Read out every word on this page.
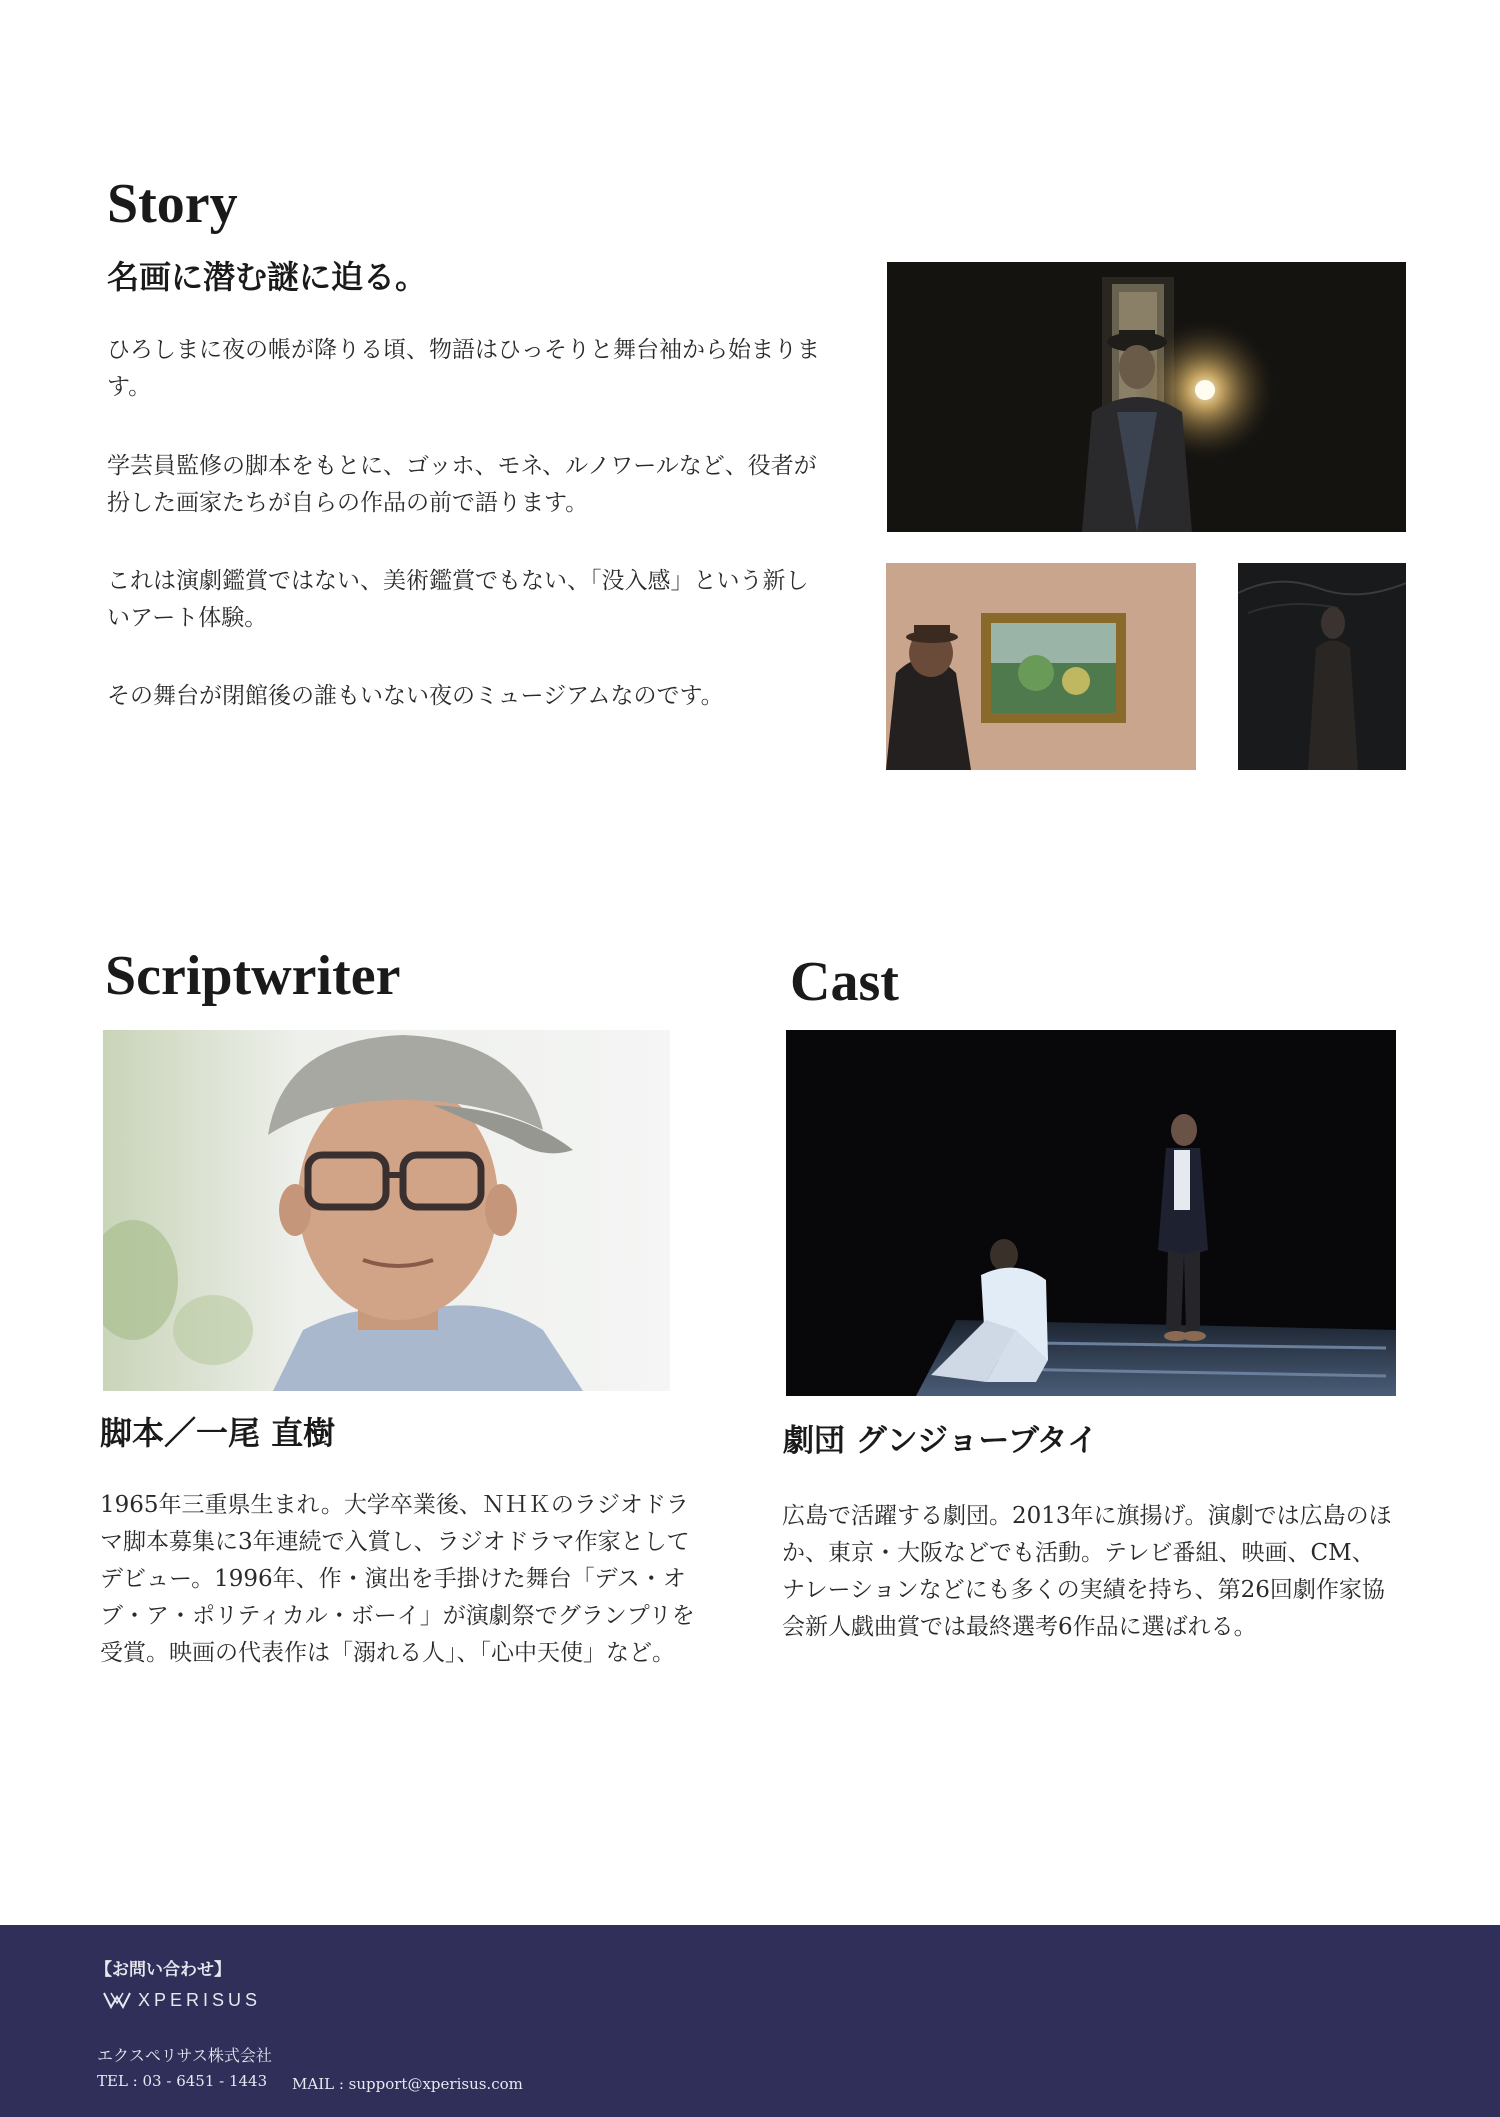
Story
名画に潜む謎に迫る。

ひろしまに夜の帳が降りる頃、物語はひっそりと舞台袖から始まります。

学芸員監修の脚本をもとに、ゴッホ、モネ、ルノワールなど、役者が扮した画家たちが自らの作品の前で語ります。

これは演劇鑑賞ではない、美術鑑賞でもない、「没入感」という新しいアート体験。

その舞台が閉館後の誰もいない夜のミュージアムなのです。

Scriptwriter
脚本／一尾 直樹

1965年三重県生まれ。大学卒業後、ＮＨＫのラジオドラマ脚本募集に3年連続で入賞し、ラジオドラマ作家としてデビュー。1996年、作・演出を手掛けた舞台「デス・オブ・ア・ポリティカル・ボーイ」が演劇祭でグランプリを受賞。映画の代表作は「溺れる人」、「心中天使」など。

Cast
劇団 グンジョーブタイ

広島で活躍する劇団。2013年に旗揚げ。演劇では広島のほか、東京・大阪などでも活動。テレビ番組、映画、CM、ナレーションなどにも多くの実績を持ち、第26回劇作家協会新人戯曲賞では最終選考6作品に選ばれる。

【お問い合わせ】
XPERISUS
エクスペリサス株式会社
TEL : 03 - 6451 - 1443 MAIL : support@xperisus.com
